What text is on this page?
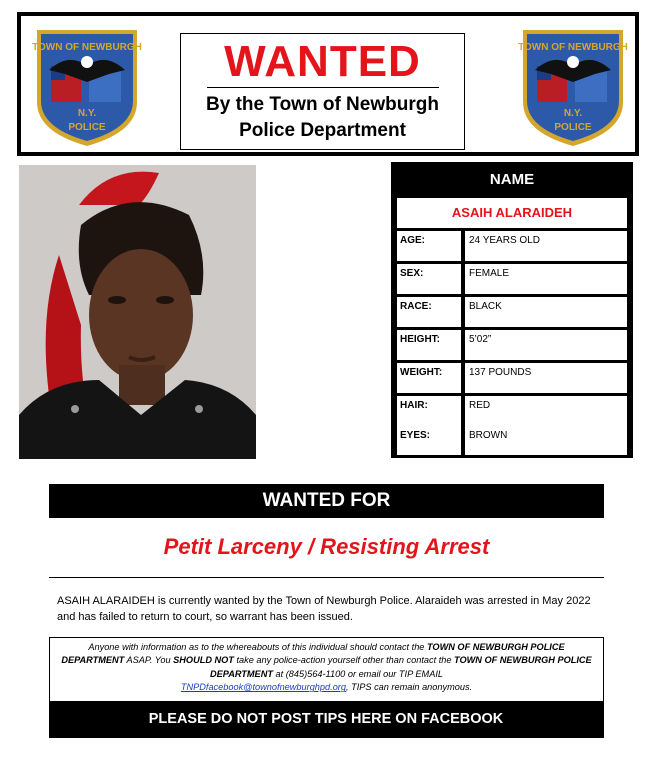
TOWN OF NEWBURGH
N.Y.
POLICE
WANTED
By the Town of Newburgh
Police Department
TOWN OF NEWBURGH
N.Y.
POLICE
NAME
ASAIH ALARAIDEH
AGE:	24 YEARS OLD
SEX:	FEMALE
RACE:	BLACK
HEIGHT:	5’02”
WEIGHT:	137 POUNDS
HAIR:	RED
EYES:	BROWN
WANTED FOR
Petit Larceny / Resisting Arrest
ASAIH ALARAIDEH is currently wanted by the Town of Newburgh Police. Alaraideh was arrested in May 2022 and has failed to return to court, so warrant has been issued.
Anyone with information as to the whereabouts of this individual should contact the TOWN OF NEWBURGH POLICE DEPARTMENT ASAP. You SHOULD NOT take any police-action yourself other than contact the TOWN OF NEWBURGH POLICE DEPARTMENT at (845)564-1100 or email our TIP EMAIL
TNPDfacebook@townofnewburghpd.org, TIPS can remain anonymous.
PLEASE DO NOT POST TIPS HERE ON FACEBOOK
